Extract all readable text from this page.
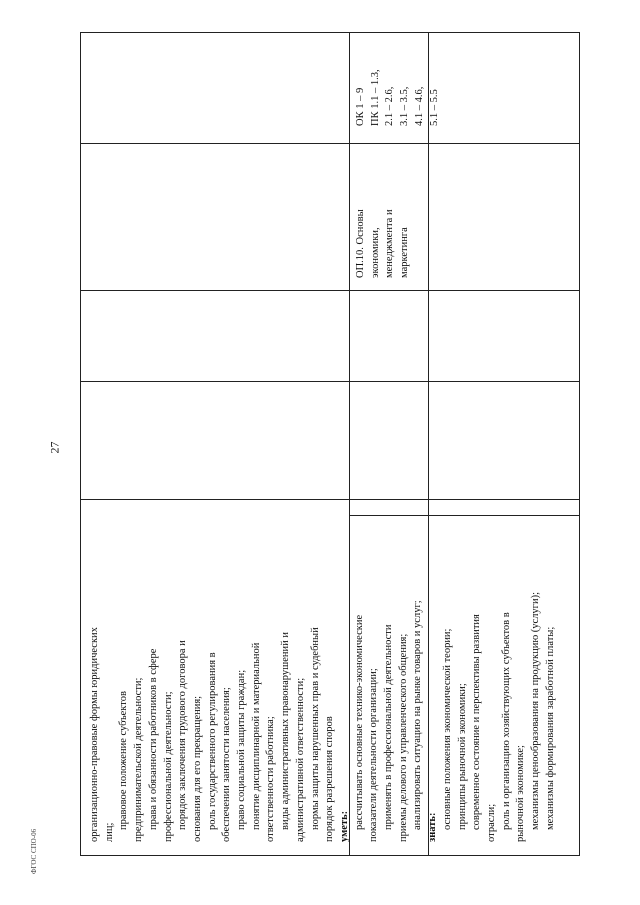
27
ОК 1 – 9 ПК 1.1 – 1.3, 2.1 – 2.6, 3.1 – 3.5, 4.1 – 4.6, 5.1 – 5.5
ОП.10. Основы экономики, менеджмента и маркетинга
организационно-правовые формы юридических лиц;
правовое положение субъектов предпринимательской деятельности; права и обязанности работников в сфере профессиональной деятельности; порядок заключения трудового договора и основания для его прекращения; роль государственного регулирования в обеспечении занятости населения; право социальной защиты граждан; понятие дисциплинарной и материальной ответственности работника; виды административных правонарушений и административной ответственности; нормы защиты нарушенных прав и судебный порядок разрешения споров уметь: рассчитывать основные технико-экономические показатели деятельности организации; применять в профессиональной деятельности приемы делового и управленческого общения; анализировать ситуацию на рынке товаров и услуг; знать: основные положения экономической теории; принципы рыночной экономики; современное состояние и перспективы развития отрасли; роль и организацию хозяйствующих субъектов в рыночной экономике; механизмы ценообразования на продукцию (услуги); механизмы формирования заработной платы;
ФГОС СПО-06
